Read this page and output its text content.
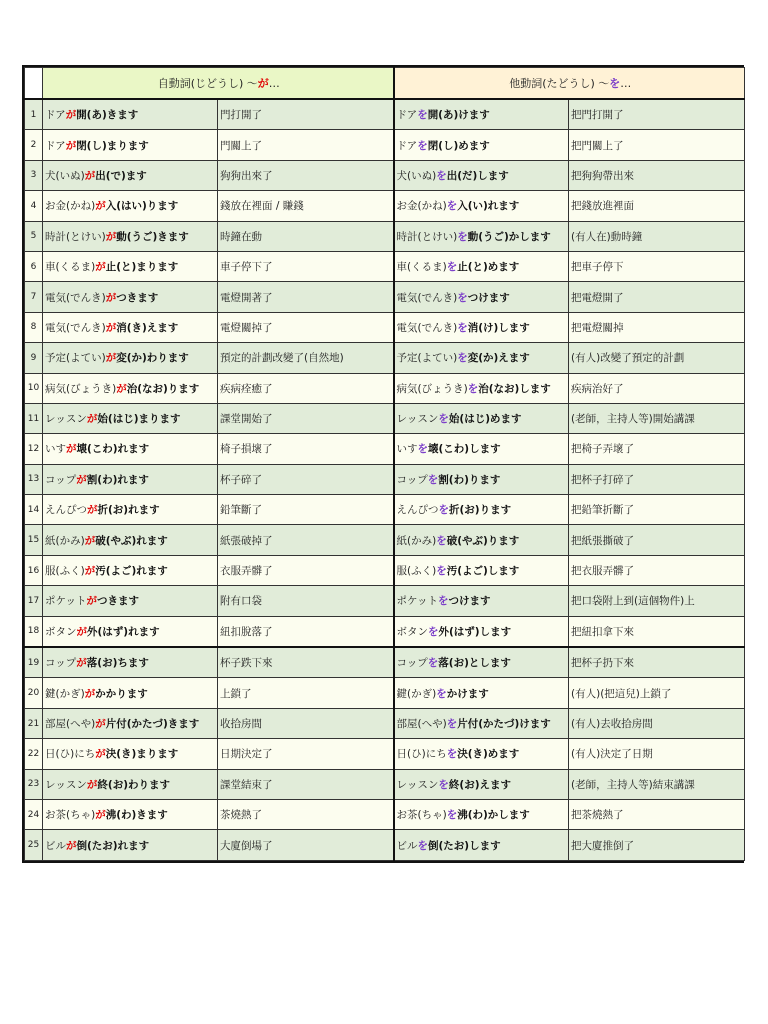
	自動詞(じどうし) ～が…		他動詞(たどうし) ～を…	
1	ドアが開(あ)きます	門打開了	ドアを開(あ)けます	把門打開了
2	ドアが閉(し)まります	門關上了	ドアを閉(し)めます	把門關上了
3	犬(いぬ)が出(で)ます	狗狗出來了	犬(いぬ)を出(だ)します	把狗狗帶出來
4	お金(かね)が入(はい)ります	錢放在裡面 / 賺錢	お金(かね)を入(い)れます	把錢放進裡面
5	時計(とけい)が動(うご)きます	時鐘在動	時計(とけい)を動(うご)かします	(有人在)動時鐘
6	車(くるま)が止(と)まります	車子停下了	車(くるま)を止(と)めます	把車子停下
7	電気(でんき)がつきます	電燈開著了	電気(でんき)をつけます	把電燈開了
8	電気(でんき)が消(き)えます	電燈關掉了	電気(でんき)を消(け)します	把電燈關掉
9	予定(よてい)が変(か)わります	預定的計劃改變了(自然地)	予定(よてい)を変(か)えます	(有人)改變了預定的計劃
10	病気(びょうき)が治(なお)ります	疾病痊癒了	病気(びょうき)を治(なお)します	疾病治好了
11	レッスンが始(はじ)まります	課堂開始了	レッスンを始(はじ)めます	(老師，主持人等)開始講課
12	いすが壊(こわ)れます	椅子損壞了	いすを壊(こわ)します	把椅子弄壞了
13	コップが割(わ)れます	杯子碎了	コップを割(わ)ります	把杯子打碎了
14	えんぴつが折(お)れます	鉛筆斷了	えんぴつを折(お)ります	把鉛筆折斷了
15	紙(かみ)が破(やぶ)れます	紙張破掉了	紙(かみ)を破(やぶ)ります	把紙張撕破了
16	服(ふく)が汚(よご)れます	衣服弄髒了	服(ふく)を汚(よご)します	把衣服弄髒了
17	ポケットがつきます	附有口袋	ポケットをつけます	把口袋附上到(這個物件)上
18	ボタンが外(はず)れます	紐扣脫落了	ボタンを外(はず)します	把紐扣拿下來
19	コップが落(お)ちます	杯子跌下來	コップを落(お)とします	把杯子扔下來
20	鍵(かぎ)がかかります	上鎖了	鍵(かぎ)をかけます	(有人)(把這兒)上鎖了
21	部屋(へや)が片付(かたづ)きます	收拾房間	部屋(へや)を片付(かたづ)けます	(有人)去收拾房間
22	日(ひ)にちが決(き)まります	日期決定了	日(ひ)にちを決(き)めます	(有人)決定了日期
23	レッスンが終(お)わります	課堂結束了	レッスンを終(お)えます	(老師，主持人等)結束講課
24	お茶(ちゃ)が沸(わ)きます	茶燒熱了	お茶(ちゃ)を沸(わ)かします	把茶燒熱了
25	ビルが倒(たお)れます	大廈倒場了	ビルを倒(たお)します	把大廈推倒了
